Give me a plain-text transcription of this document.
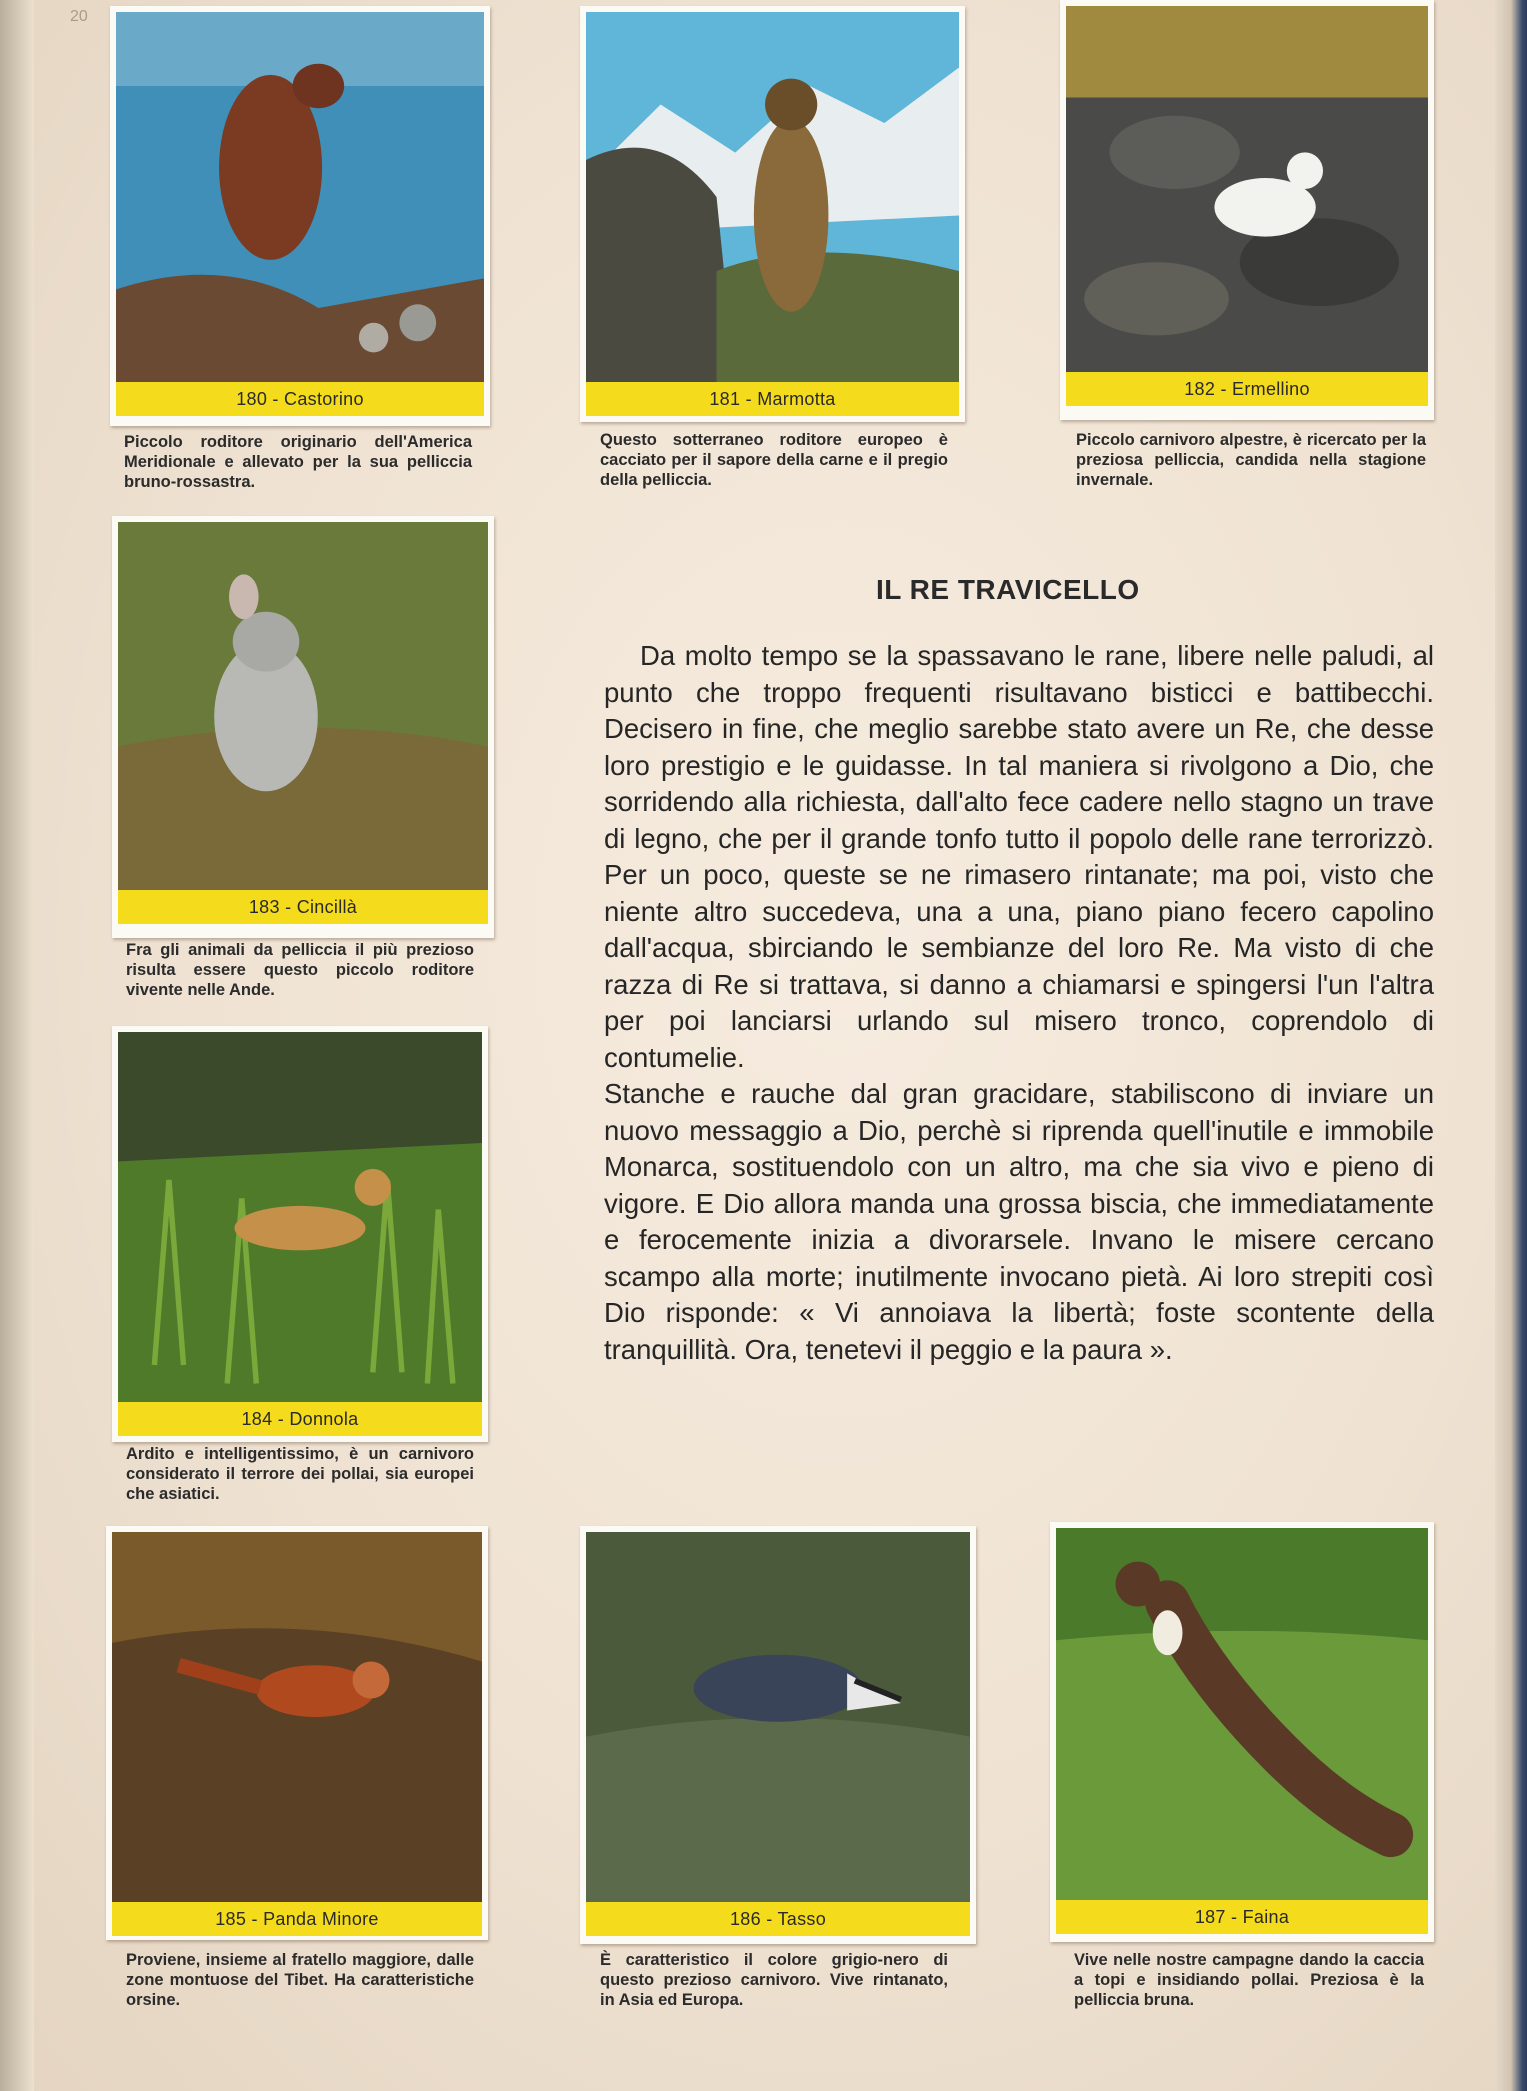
20
180 - Castorino
Piccolo roditore originario dell'America Meridionale e allevato per la sua pelliccia bruno-rossastra.
181 - Marmotta
Questo sotterraneo roditore europeo è cacciato per il sapore della carne e il pregio della pelliccia.
182 - Ermellino
Piccolo carnivoro alpestre, è ricercato per la preziosa pelliccia, candida nella stagione invernale.
183 - Cincillà
Fra gli animali da pelliccia il più prezioso risulta essere questo piccolo roditore vivente nelle Ande.
184 - Donnola
Ardito e intelligentissimo, è un carnivoro considerato il terrore dei pollai, sia europei che asiatici.
185 - Panda Minore
Proviene, insieme al fratello maggiore, dalle zone montuose del Tibet. Ha caratteristiche orsine.
186 - Tasso
È caratteristico il colore grigio-nero di questo prezioso carnivoro. Vive rintanato, in Asia ed Europa.
187 - Faina
Vive nelle nostre campagne dando la caccia a topi e insidiando pollai. Preziosa è la pelliccia bruna.
IL RE TRAVICELLO

Da molto tempo se la spassavano le rane, libere nelle paludi, al punto che troppo frequenti risultavano bisticci e battibecchi. Decisero in fine, che meglio sarebbe stato avere un Re, che desse loro prestigio e le guidasse. In tal maniera si rivolgono a Dio, che sorridendo alla richiesta, dall'alto fece cadere nello stagno un trave di legno, che per il grande tonfo tutto il popolo delle rane terrorizzò. Per un poco, queste se ne rimasero rintanate; ma poi, visto che niente altro succedeva, una a una, piano piano fecero capolino dall'acqua, sbirciando le sembianze del loro Re. Ma visto di che razza di Re si trattava, si danno a chiamarsi e spingersi l'un l'altra per poi lanciarsi urlando sul misero tronco, coprendolo di contumelie.

Stanche e rauche dal gran gracidare, stabiliscono di inviare un nuovo messaggio a Dio, perchè si riprenda quell'inutile e immobile Monarca, sostituendolo con un altro, ma che sia vivo e pieno di vigore. E Dio allora manda una grossa biscia, che immediatamente e ferocemente inizia a divorarsele. Invano le misere cercano scampo alla morte; inutilmente invocano pietà. Ai loro strepiti così Dio risponde: « Vi annoiava la libertà; foste scontente della tranquillità. Ora, tenetevi il peggio e la paura ».
